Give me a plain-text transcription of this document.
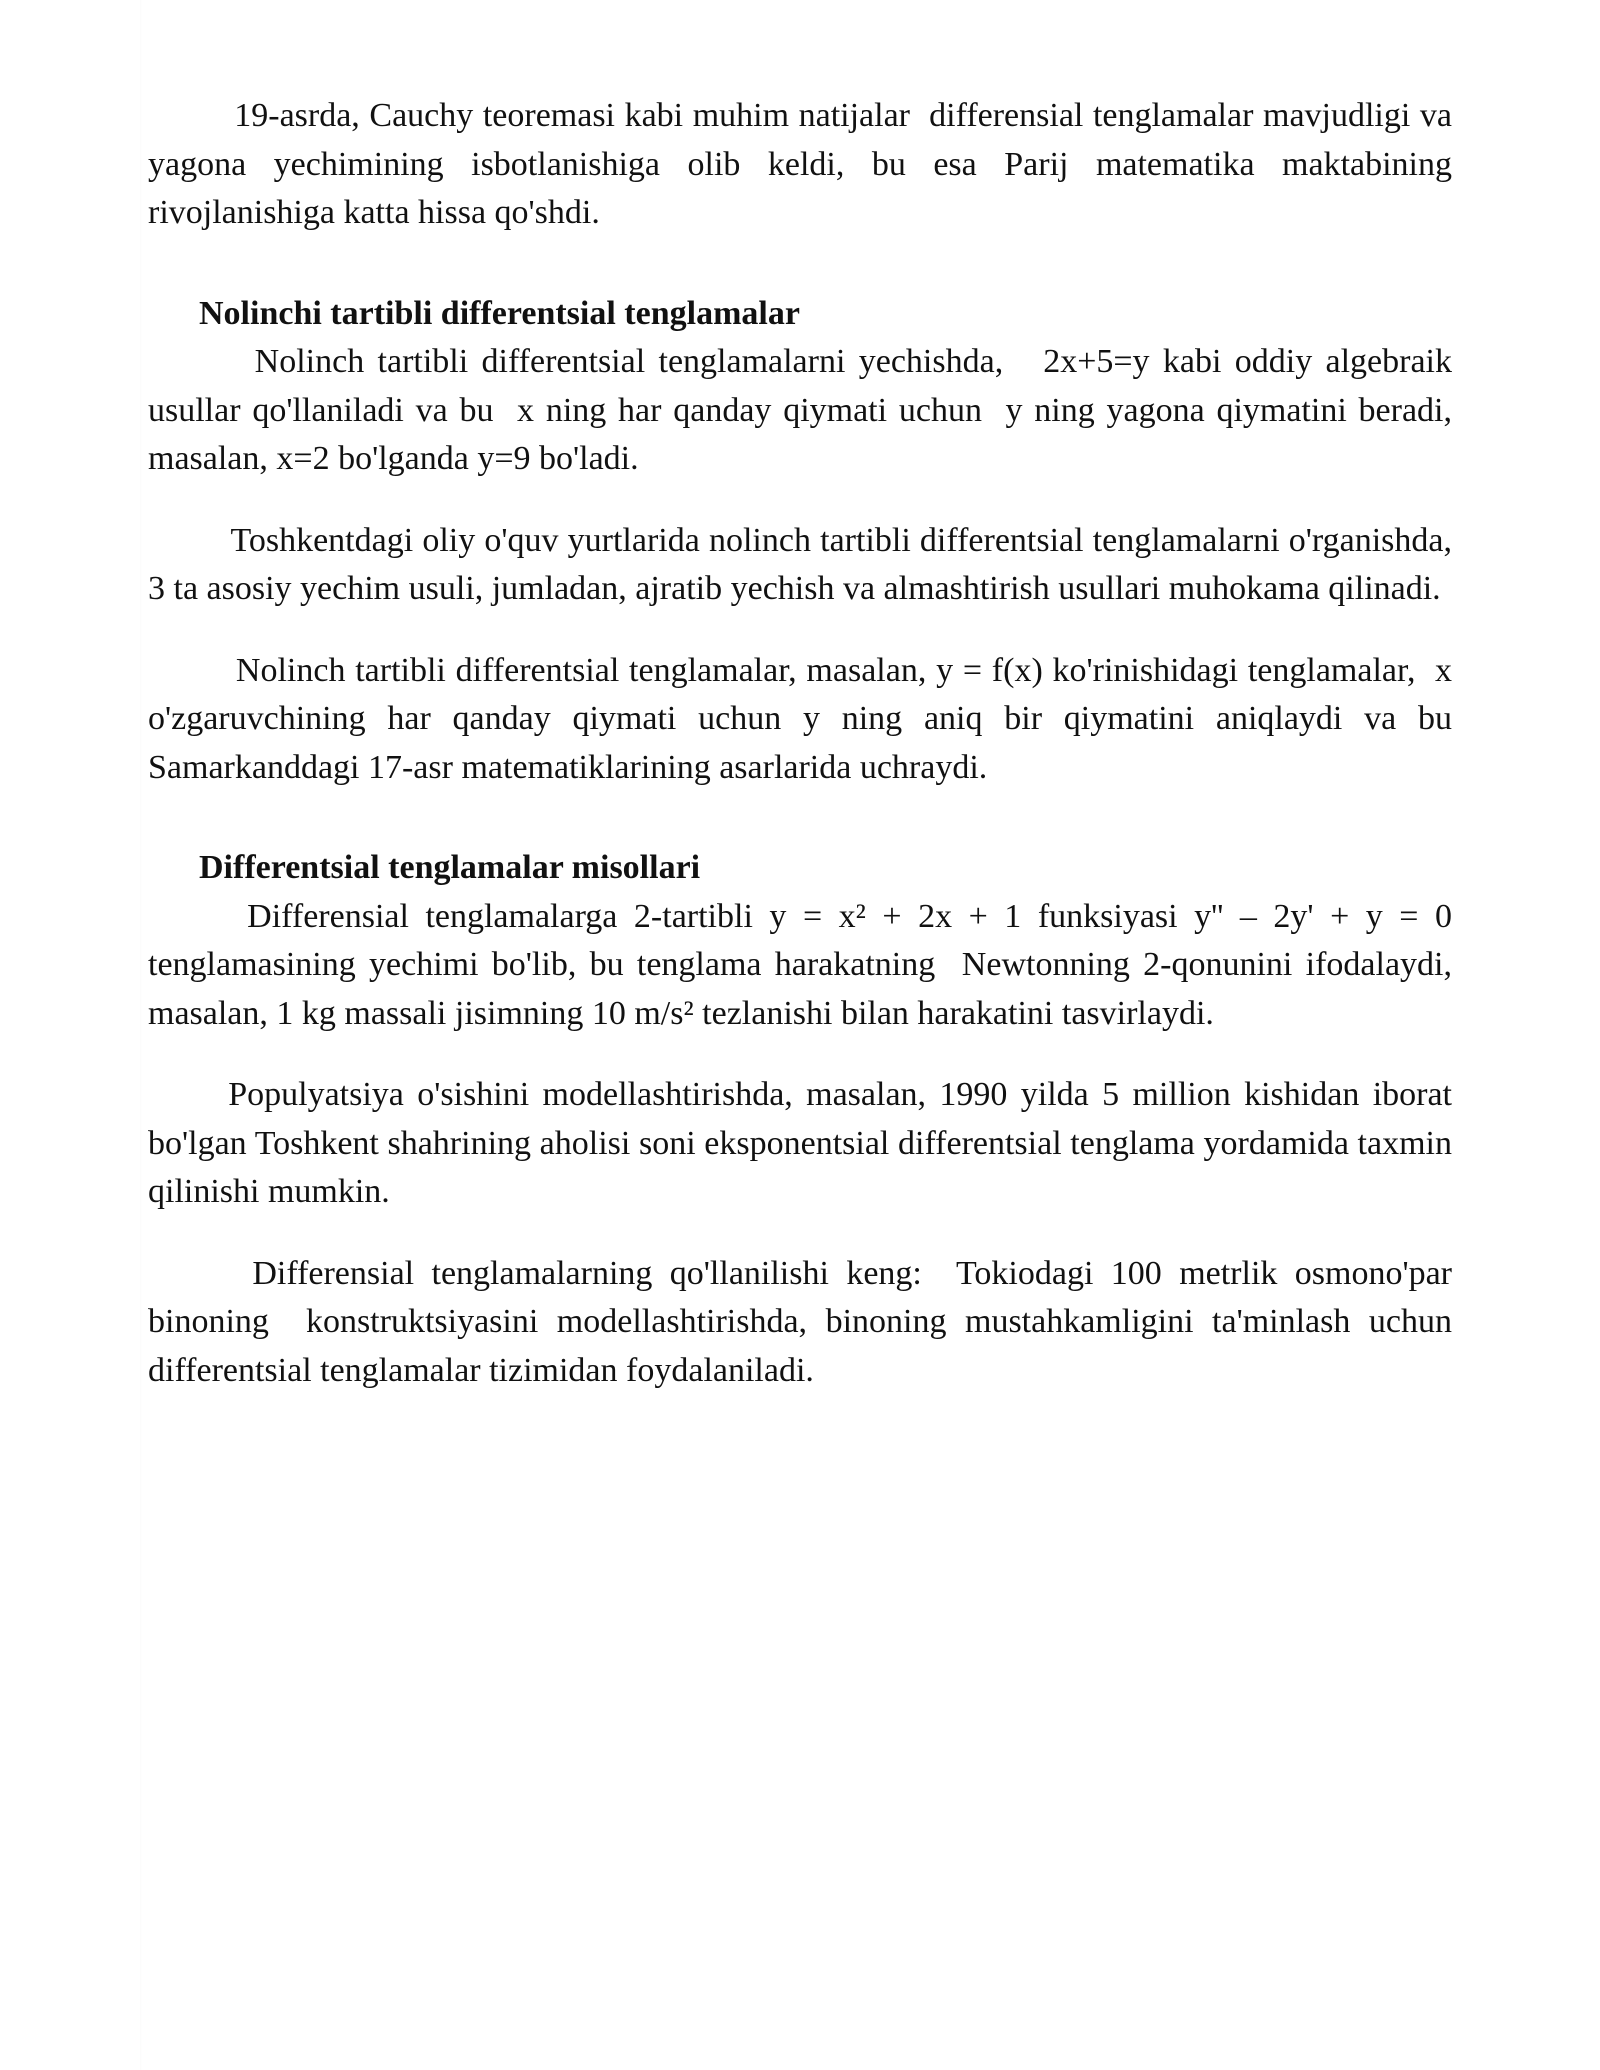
19-asrda, Cauchy teoremasi kabi muhim natijalar  differensial tenglamalar mavjudligi va yagona yechimining isbotlanishiga olib keldi, bu esa Parij matematika maktabining rivojlanishiga katta hissa qo'shdi.

Nolinchi tartibli differentsial tenglamalar

Nolinch tartibli differentsial tenglamalarni yechishda,   2x+5=y kabi oddiy algebraik usullar qo'llaniladi va bu  x ning har qanday qiymati uchun  y ning yagona qiymatini beradi, masalan, x=2 bo'lganda y=9 bo'ladi.

Toshkentdagi oliy o'quv yurtlarida nolinch tartibli differentsial tenglamalarni o'rganishda, 3 ta asosiy yechim usuli, jumladan, ajratib yechish va almashtirish usullari muhokama qilinadi.

Nolinch tartibli differentsial tenglamalar, masalan, y = f(x) ko'rinishidagi tenglamalar,  x o'zgaruvchining har qanday qiymati uchun y ning aniq bir qiymatini aniqlaydi va bu Samarkanddagi 17-asr matematiklarining asarlarida uchraydi.

Differentsial tenglamalar misollari

Differensial tenglamalarga 2-tartibli y = x² + 2x + 1 funksiyasi y'' – 2y' + y = 0 tenglamasining yechimi bo'lib, bu tenglama harakatning  Newtonning 2-qonunini ifodalaydi, masalan, 1 kg massali jisimning 10 m/s² tezlanishi bilan harakatini tasvirlaydi.

Populyatsiya o'sishini modellashtirishda, masalan, 1990 yilda 5 million kishidan iborat bo'lgan Toshkent shahrining aholisi soni eksponentsial differentsial tenglama yordamida taxmin qilinishi mumkin.

Differensial tenglamalarning qo'llanilishi keng:  Tokiodagi 100 metrlik osmono'par binoning  konstruktsiyasini modellashtirishda, binoning mustahkamligini ta'minlash uchun differentsial tenglamalar tizimidan foydalaniladi.
